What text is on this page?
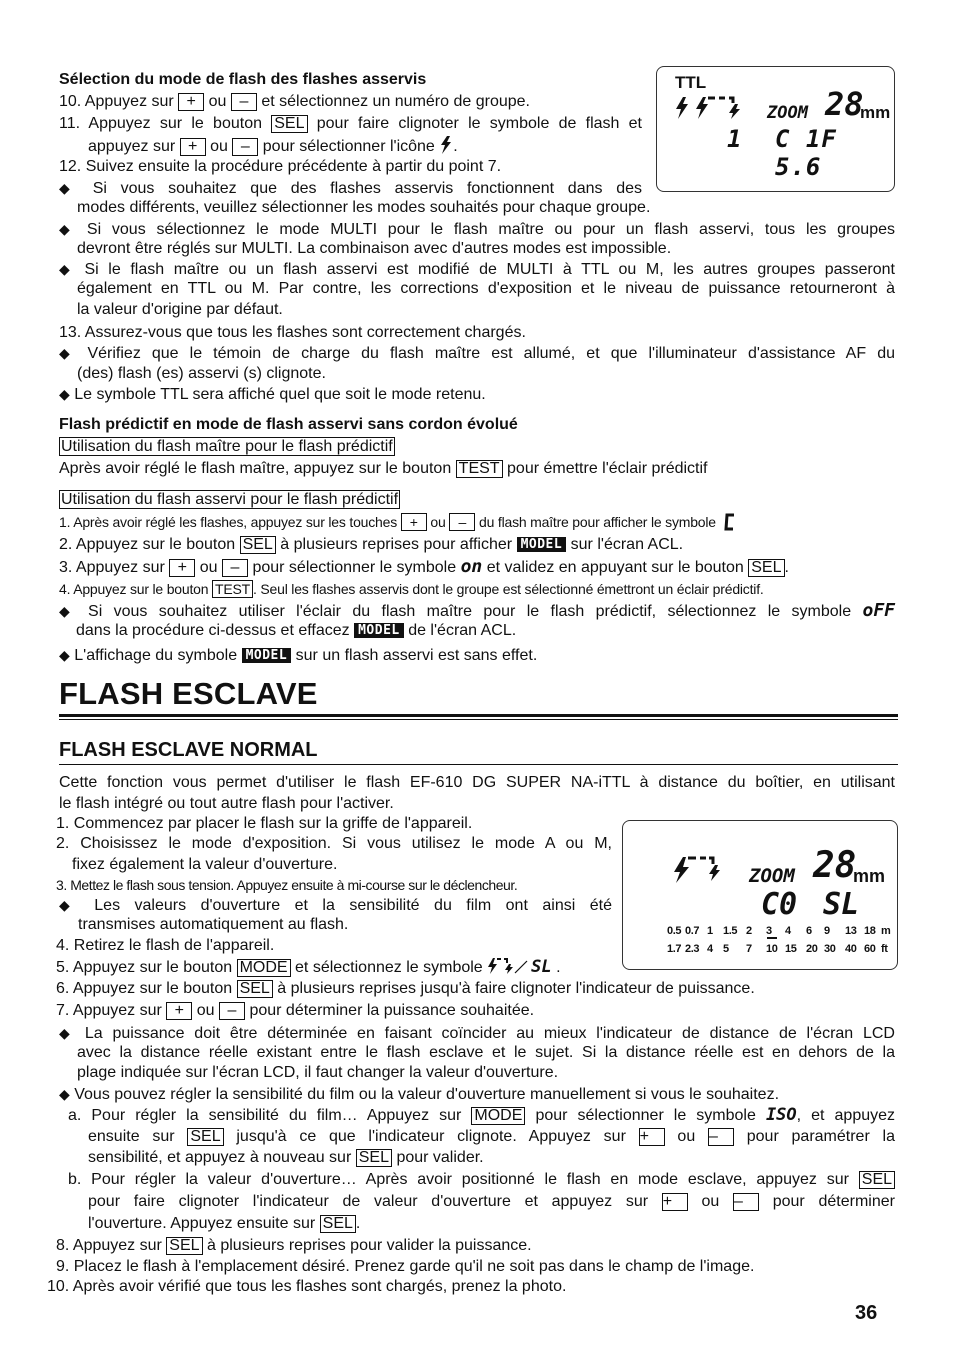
Sélection du mode de flash des flashes asservis
10. Appuyez sur + ou – et sélectionnez un numéro de groupe.
11. Appuyez sur le bouton SEL pour faire clignoter le symbole de flash et
appuyez sur + ou – pour sélectionner l'icône .
12. Suivez ensuite la procédure précédente à partir du point 7.
◆ Si vous souhaitez que des flashes asservis fonctionnent dans des
modes différents, veuillez sélectionner les modes souhaités pour chaque groupe.
◆ Si vous sélectionnez le mode MULTI pour le flash maître ou pour un flash asservi, tous les groupes
devront être réglés sur MULTI. La combinaison avec d'autres modes est impossible.
◆ Si le flash maître ou un flash asservi est modifié de MULTI à TTL ou M, les autres groupes passeront
également en TTL ou M. Par contre, les corrections d'exposition et le niveau de puissance retourneront à
la valeur d'origine par défaut.
13. Assurez-vous que tous les flashes sont correctement chargés.
◆ Vérifiez que le témoin de charge du flash maître est allumé, et que l'illuminateur d'assistance AF du
(des) flash (es) asservi (s) clignote.
◆ Le symbole TTL sera affiché quel que soit le mode retenu.
TTL
ZOOM 28
mm
1 C 1F 5.6
Flash prédictif en mode de flash asservi sans cordon évolué
Utilisation du flash maître pour le flash prédictif
Après avoir réglé le flash maître, appuyez sur le bouton TEST pour émettre l'éclair prédictif
Utilisation du flash asservi pour le flash prédictif
1. Après avoir réglé les flashes, appuyez sur les touches + ou – du flash maître pour afficher le symbole
2. Appuyez sur le bouton SEL à plusieurs reprises pour afficher MODEL sur l'écran ACL.
3. Appuyez sur + ou – pour sélectionner le symbole on et validez en appuyant sur le bouton SEL .
4. Appuyez sur le bouton TEST . Seul les flashes asservis dont le groupe est sélectionné émettront un éclair prédictif.
◆ Si vous souhaitez utiliser l'éclair du flash maître pour le flash prédictif, sélectionnez le symbole oFF
dans la procédure ci-dessus et effacez MODEL de l'écran ACL.
◆ L'affichage du symbole MODEL sur un flash asservi est sans effet.
FLASH ESCLAVE
FLASH ESCLAVE NORMAL
Cette fonction vous permet d'utiliser le flash EF-610 DG SUPER NA-iTTL à distance du boîtier, en utilisant
le flash intégré ou tout autre flash pour l'activer.
1. Commencez par placer le flash sur la griffe de l'appareil.
2. Choisissez le mode d'exposition. Si vous utilisez le mode A ou M,
fixez également la valeur d'ouverture.
3. Mettez le flash sous tension. Appuyez ensuite à mi-course sur le déclencheur.
◆ Les valeurs d'ouverture et la sensibilité du film ont ainsi été
transmises automatiquement au flash.
4. Retirez le flash de l'appareil.
5. Appuyez sur le bouton MODE et sélectionnez le symbole	SL .
6. Appuyez sur le bouton SEL à plusieurs reprises jusqu'à faire clignoter l'indicateur de puissance.
7. Appuyez sur + ou – pour déterminer la puissance souhaitée.
◆ La puissance doit être déterminée en faisant coïncider au mieux l'indicateur de distance de l'écran LCD
avec la distance réelle existant entre le flash esclave et le sujet. Si la distance réelle est en dehors de la
plage indiquée sur l'écran LCD, il faut changer la valeur d'ouverture.
◆ Vous pouvez régler la sensibilité du film ou la valeur d'ouverture manuellement si vous le souhaitez.
a. Pour régler la sensibilité du film… Appuyez sur MODE pour sélectionner le symbole ISO, et appuyez
ensuite sur SEL jusqu'à ce que l'indicateur clignote. Appuyez sur + ou – pour paramétrer la
sensibilité, et appuyez à nouveau sur SEL pour valider.
b. Pour régler la valeur d'ouverture… Après avoir positionné le flash en mode esclave, appuyez sur SEL
pour faire clignoter l'indicateur de valeur d'ouverture et appuyez sur + ou – pour déterminer
l'ouverture. Appuyez ensuite sur SEL .
8. Appuyez sur SEL à plusieurs reprises pour valider la puissance.
9. Placez le flash à l'emplacement désiré. Prenez garde qu'il ne soit pas dans le champ de l'image.
10. Après avoir vérifié que tous les flashes sont chargés, prenez la photo.
ZOOM 28
mm
C0 SL
0.5 0.7 1 1.5 2 3 4 6 9 13 18 m
1.7 2.3 4 5 7 10 15 20 30 40 60 ft
36
